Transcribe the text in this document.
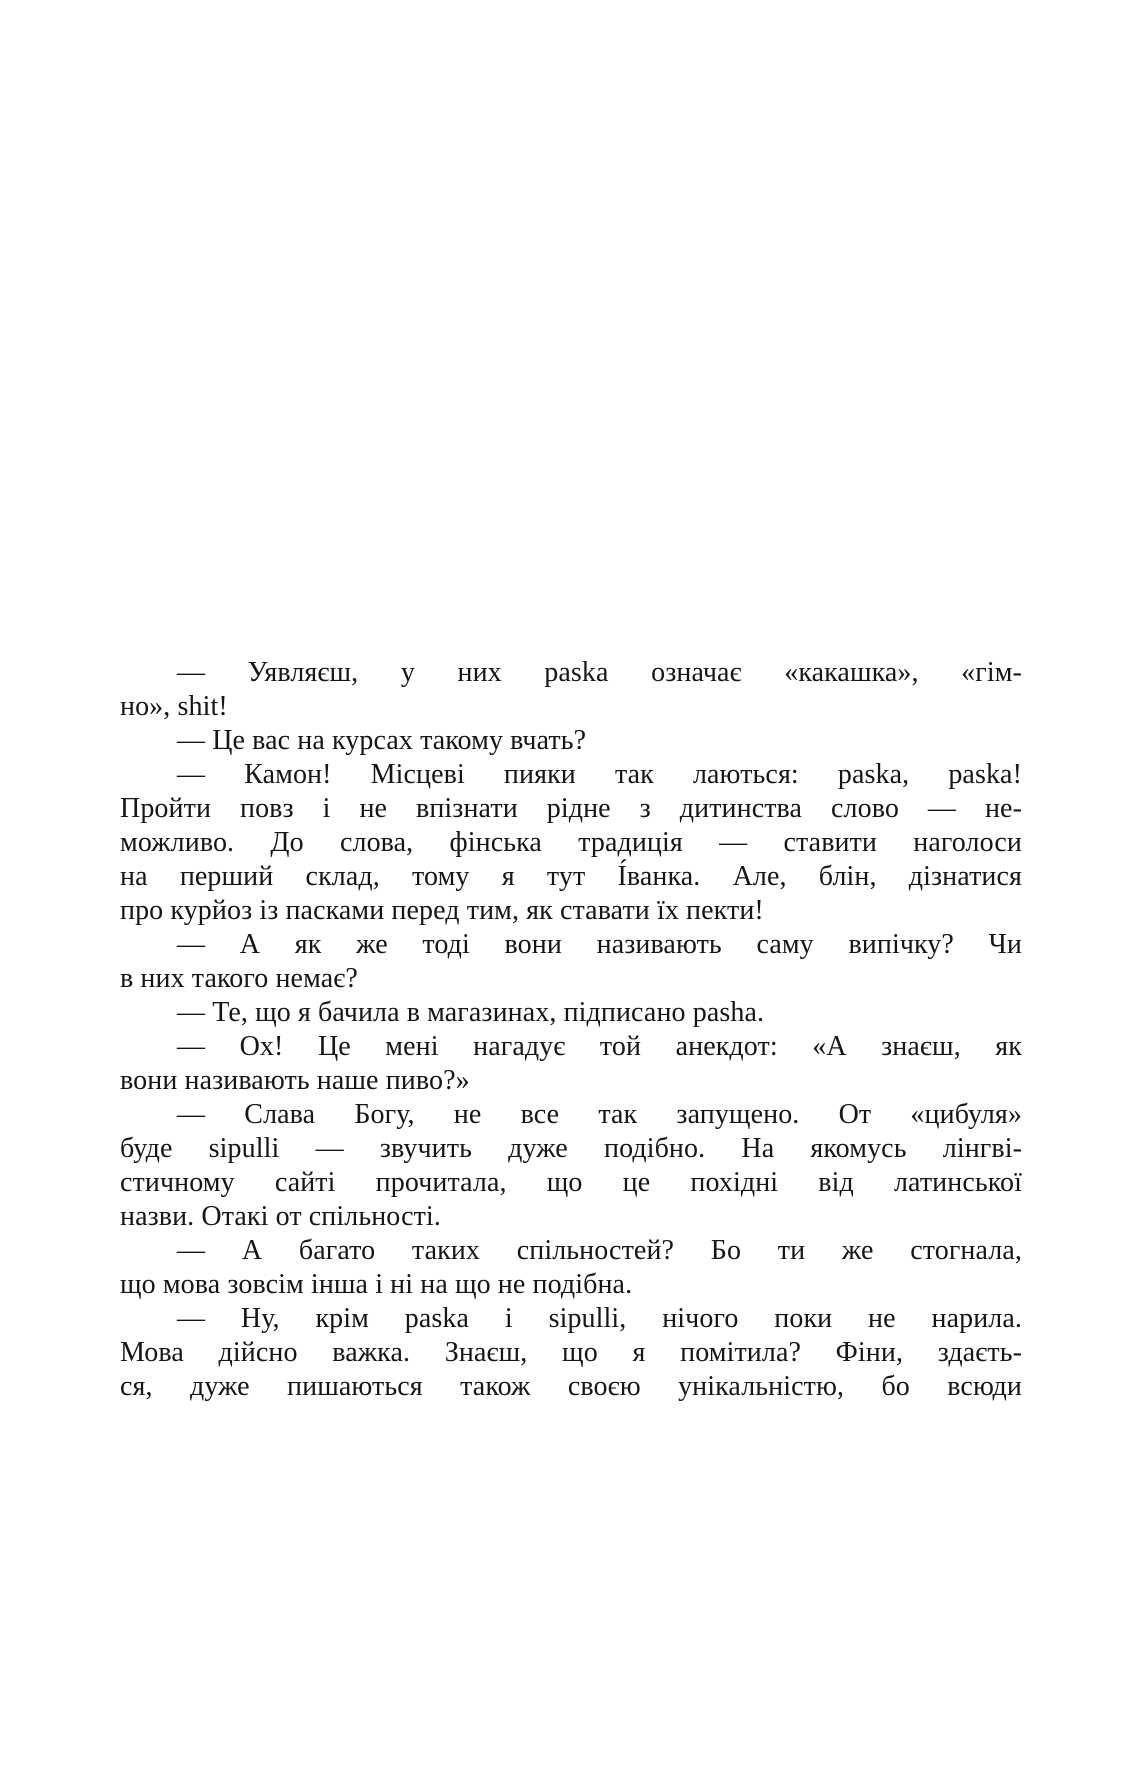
— Уявляєш, у них paska означає «какашка», «гім-
но», shit!
— Це вас на курсах такому вчать?
— Камон! Місцеві пияки так лаються: paska, paska!
Пройти повз і не впізнати рідне з дитинства слово — не-
можливо. До слова, фінська традиція — ставити наголоси
на перший склад, тому я тут І́ванка. Але, блін, дізнатися
про курйоз із пасками перед тим, як ставати їх пекти!
— А як же тоді вони називають саму випічку? Чи
в них такого немає?
— Те, що я бачила в магазинах, підписано pasha.
— Ох! Це мені нагадує той анекдот: «А знаєш, як
вони називають наше пиво?»
— Слава Богу, не все так запущено. От «цибуля»
буде sipulli — звучить дуже подібно. На якомусь лінгві-
стичному сайті прочитала, що це похідні від латинської
назви. Отакі от спільності.
— А багато таких спільностей? Бо ти же стогнала,
що мова зовсім інша і ні на що не подібна.
— Ну, крім paska і sipulli, нічого поки не нарила.
Мова дійсно важка. Знаєш, що я помітила? Фіни, здаєть-
ся, дуже пишаються також своєю унікальністю, бо всюди
